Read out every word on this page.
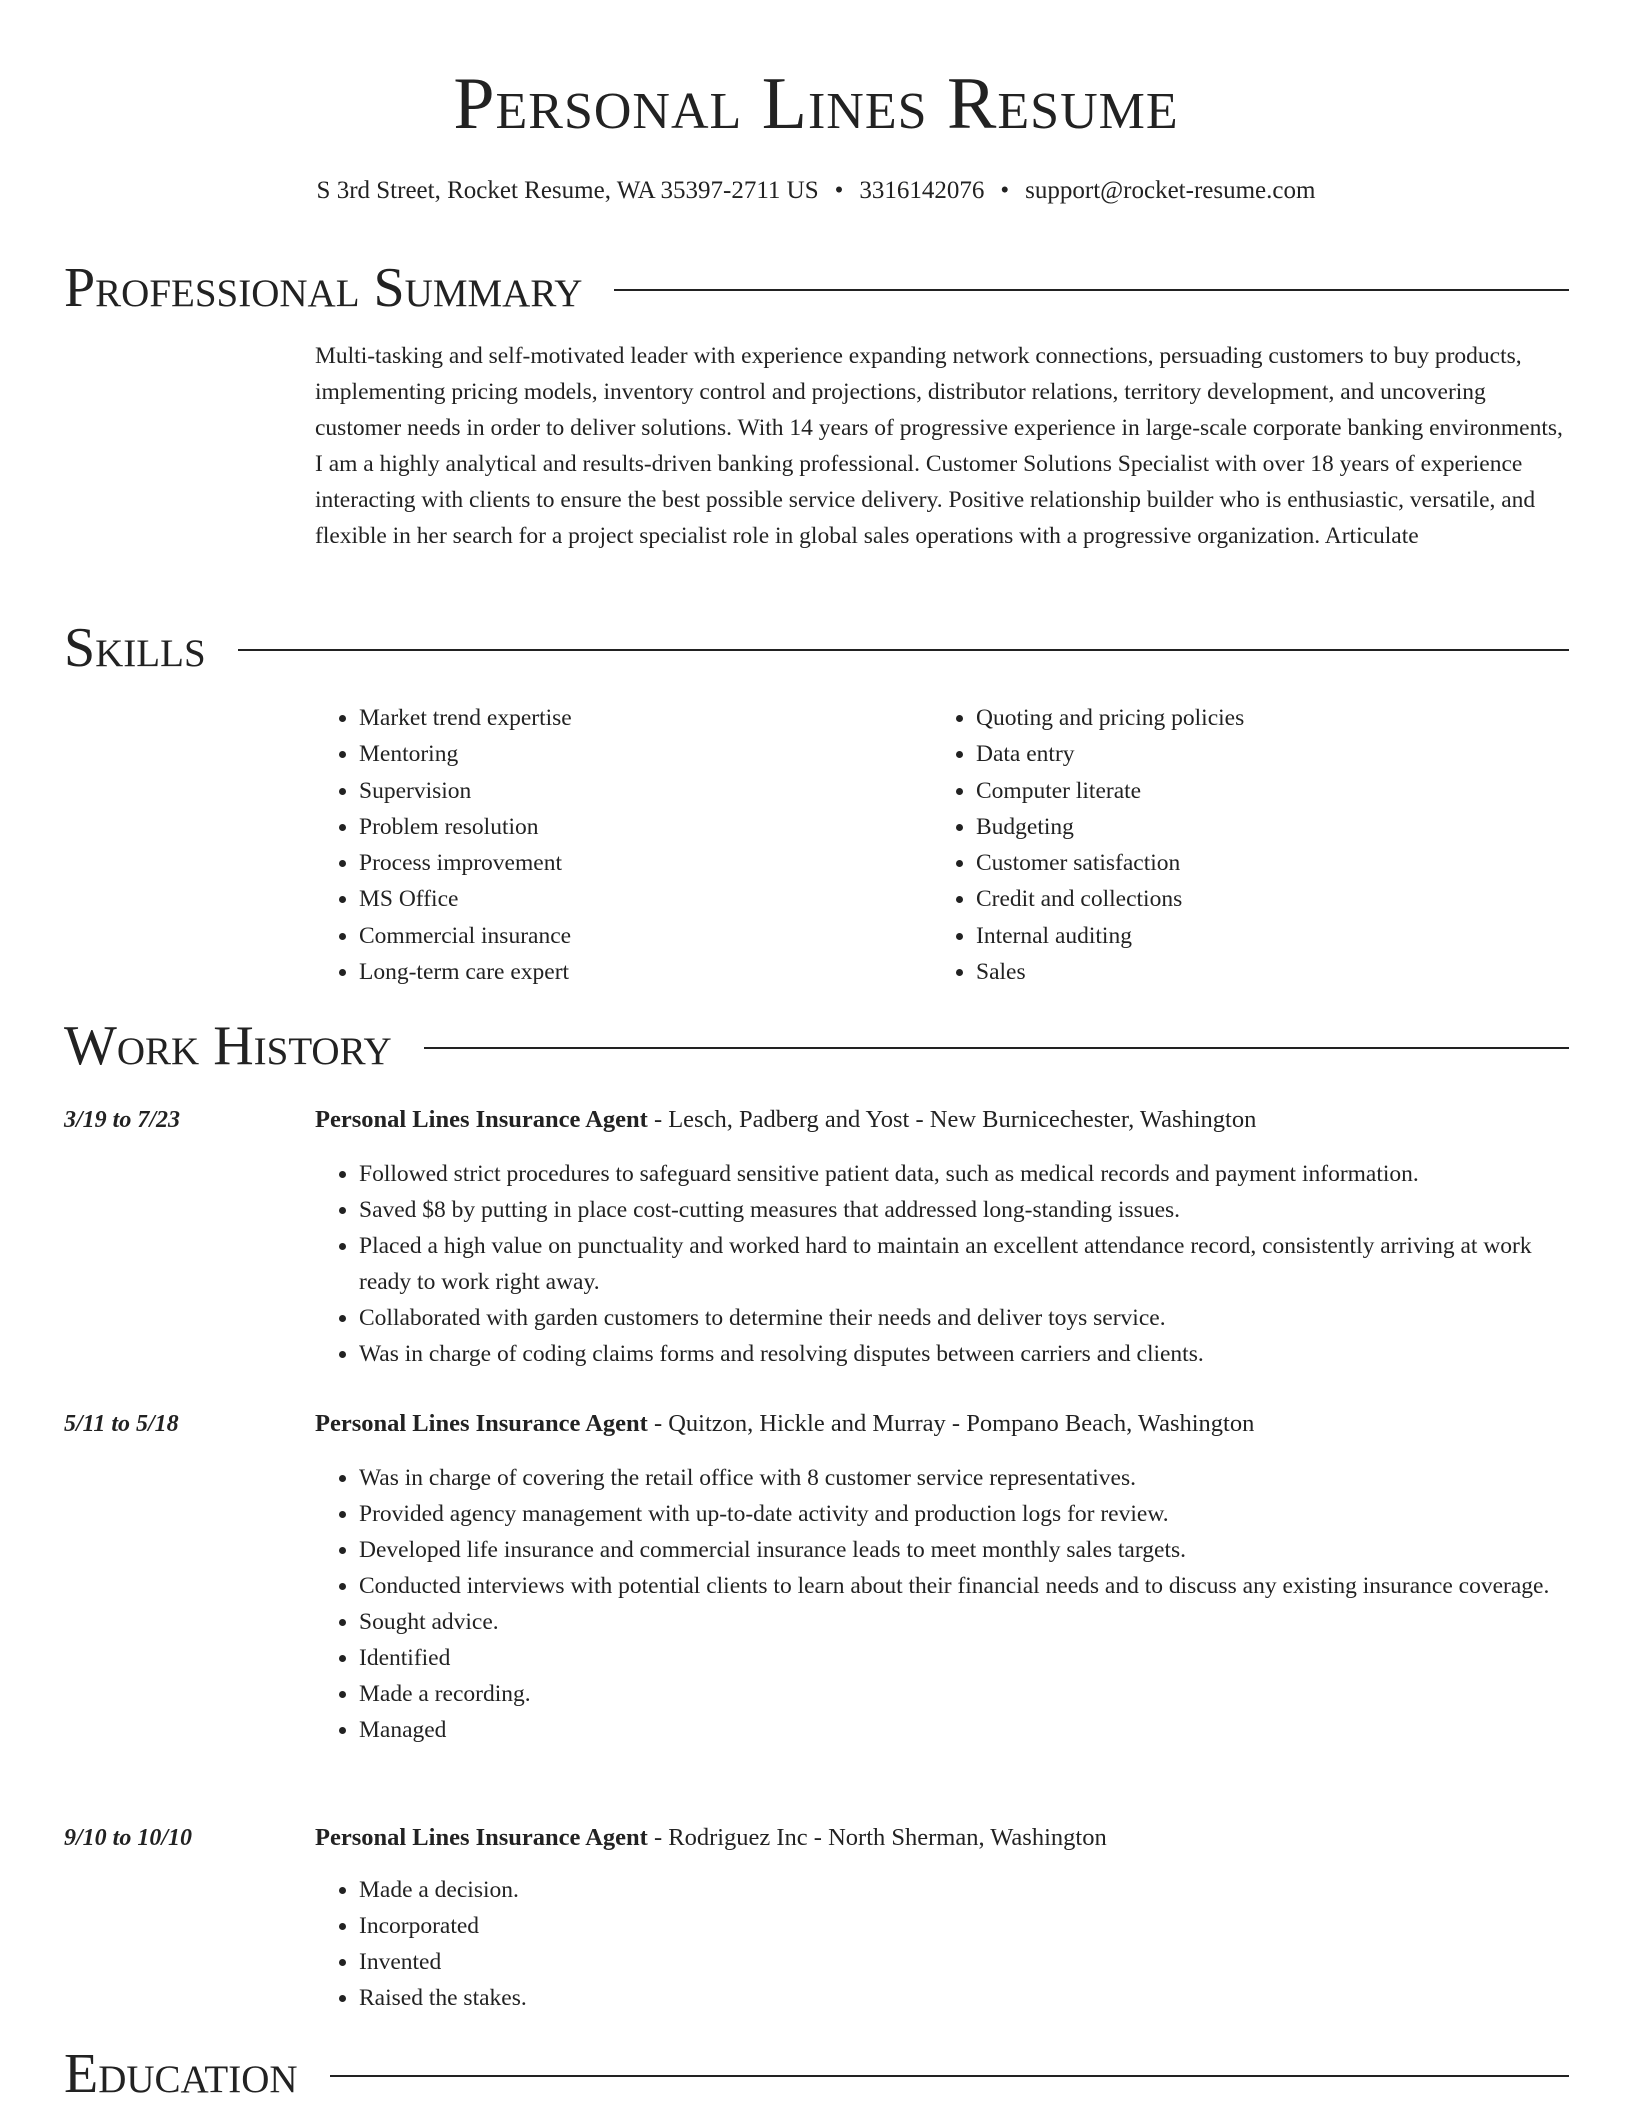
Personal Lines Resume
S 3rd Street, Rocket Resume, WA 35397-2711 US • 3316142076 • support@rocket-resume.com
Professional Summary

Multi-tasking and self-motivated leader with experience expanding network connections, persuading customers to buy products, implementing pricing models, inventory control and projections, distributor relations, territory development, and uncovering customer needs in order to deliver solutions. With 14 years of progressive experience in large-scale corporate banking environments, I am a highly analytical and results-driven banking professional. Customer Solutions Specialist with over 18 years of experience interacting with clients to ensure the best possible service delivery. Positive relationship builder who is enthusiastic, versatile, and flexible in her search for a project specialist role in global sales operations with a progressive organization. Articulate

Skills
• Market trend expertise
• Mentoring
• Supervision
• Problem resolution
• Process improvement
• MS Office
• Commercial insurance
• Long-term care expert
• Quoting and pricing policies
• Data entry
• Computer literate
• Budgeting
• Customer satisfaction
• Credit and collections
• Internal auditing
• Sales
Work History
3/19 to 7/23	Personal Lines Insurance Agent - Lesch, Padberg and Yost - New Burnicechester, Washington
• Followed strict procedures to safeguard sensitive patient data, such as medical records and payment information.
• Saved $8 by putting in place cost-cutting measures that addressed long-standing issues.
• Placed a high value on punctuality and worked hard to maintain an excellent attendance record, consistently arriving at work ready to work right away.
• Collaborated with garden customers to determine their needs and deliver toys service.
• Was in charge of coding claims forms and resolving disputes between carriers and clients.
5/11 to 5/18	Personal Lines Insurance Agent - Quitzon, Hickle and Murray - Pompano Beach, Washington
• Was in charge of covering the retail office with 8 customer service representatives.
• Provided agency management with up-to-date activity and production logs for review.
• Developed life insurance and commercial insurance leads to meet monthly sales targets.
• Conducted interviews with potential clients to learn about their financial needs and to discuss any existing insurance coverage.
• Sought advice.
• Identified
• Made a recording.
• Managed
9/10 to 10/10	Personal Lines Insurance Agent - Rodriguez Inc - North Sherman, Washington
• Made a decision.
• Incorporated
• Invented
• Raised the stakes.
Education
